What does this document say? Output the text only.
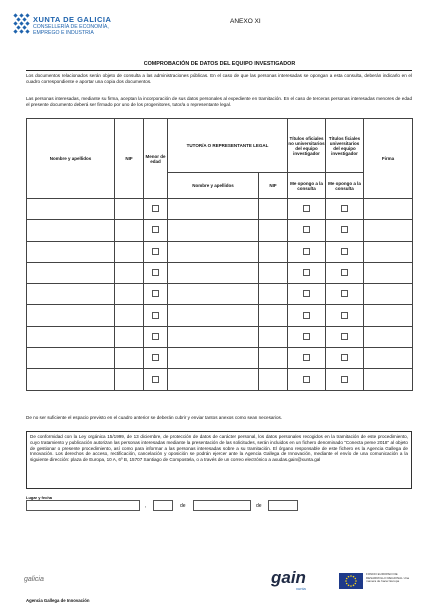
XUNTA DE GALICIA
CONSELLERÍA DE ECONOMÍA,
EMPREGO E INDUSTRIA
ANEXO XI
COMPROBACIÓN DE DATOS DEL EQUIPO INVESTIGADOR
Los documentos relacionados serán objeto de consulta a las administraciones públicas. En el caso de que las personas interesadas se opongan a esta consulta, deberán indicarlo en el cuadro correspondiente e aportar una copia dos documentos.
Las personas interesadas, mediante su firma, aceptan la incorporación de sus datos personales al expediente en tramitación. En el caso de terceras personas interesadas menores de edad el presente documento deberá ser firmado por uno de los progenitores, tutor/a o representante legal.
Nombre y apellidos	NIF	Menor de edad	TUTOR/A O REPRESENTANTE LEGAL		Títulos oficiales no universitarios del equipo investigador	Títulos ficiales universitarios del equipo investigador	Firma
			Nombre y apellidos	NIF	Me opongo a la consulta	Me opongo a la consulta	

De no ser suficiente el espacio previsto en el cuadro anterior se deberán cubrir y enviar tantos anexos como sean necesarios.
De conformidad con la Ley orgánica 15/1999, de 13 diciembre, de protección de datos de carácter personal, los datos personales recogidos en la tramitación de este procedimiento, cuyo tratamiento y publicación autorizan las personas interesadas mediante la presentación de las solicitudes, serán incluidos en un fichero denominado "Conecta peme 2018" al objeto de gestionar o presente procedimiento, así como para informar a las personas interesadas sobre a su tramitación. El órgano responsable de este fichero es la Agencia Gallega de Innovación. Los derechos de acceso, rectificación, cancelación y oposición se podrán ejercer ante la Agencia Gallega de Innovación, mediante el envío de una comunicación a la siguiente dirección: plaza de Europa, 10 A, 6º B, 15707 Santiago de Compostela, o a través de un correo electrónico a axudas.gain@xunta.gal
Lugar y fecha
,	de	de
galicia	gain
xunta
FONDO EUROPEO DE DESARROLLO REGIONAL Una manera de hacer Europa
Agencia Gallega de Innovación
